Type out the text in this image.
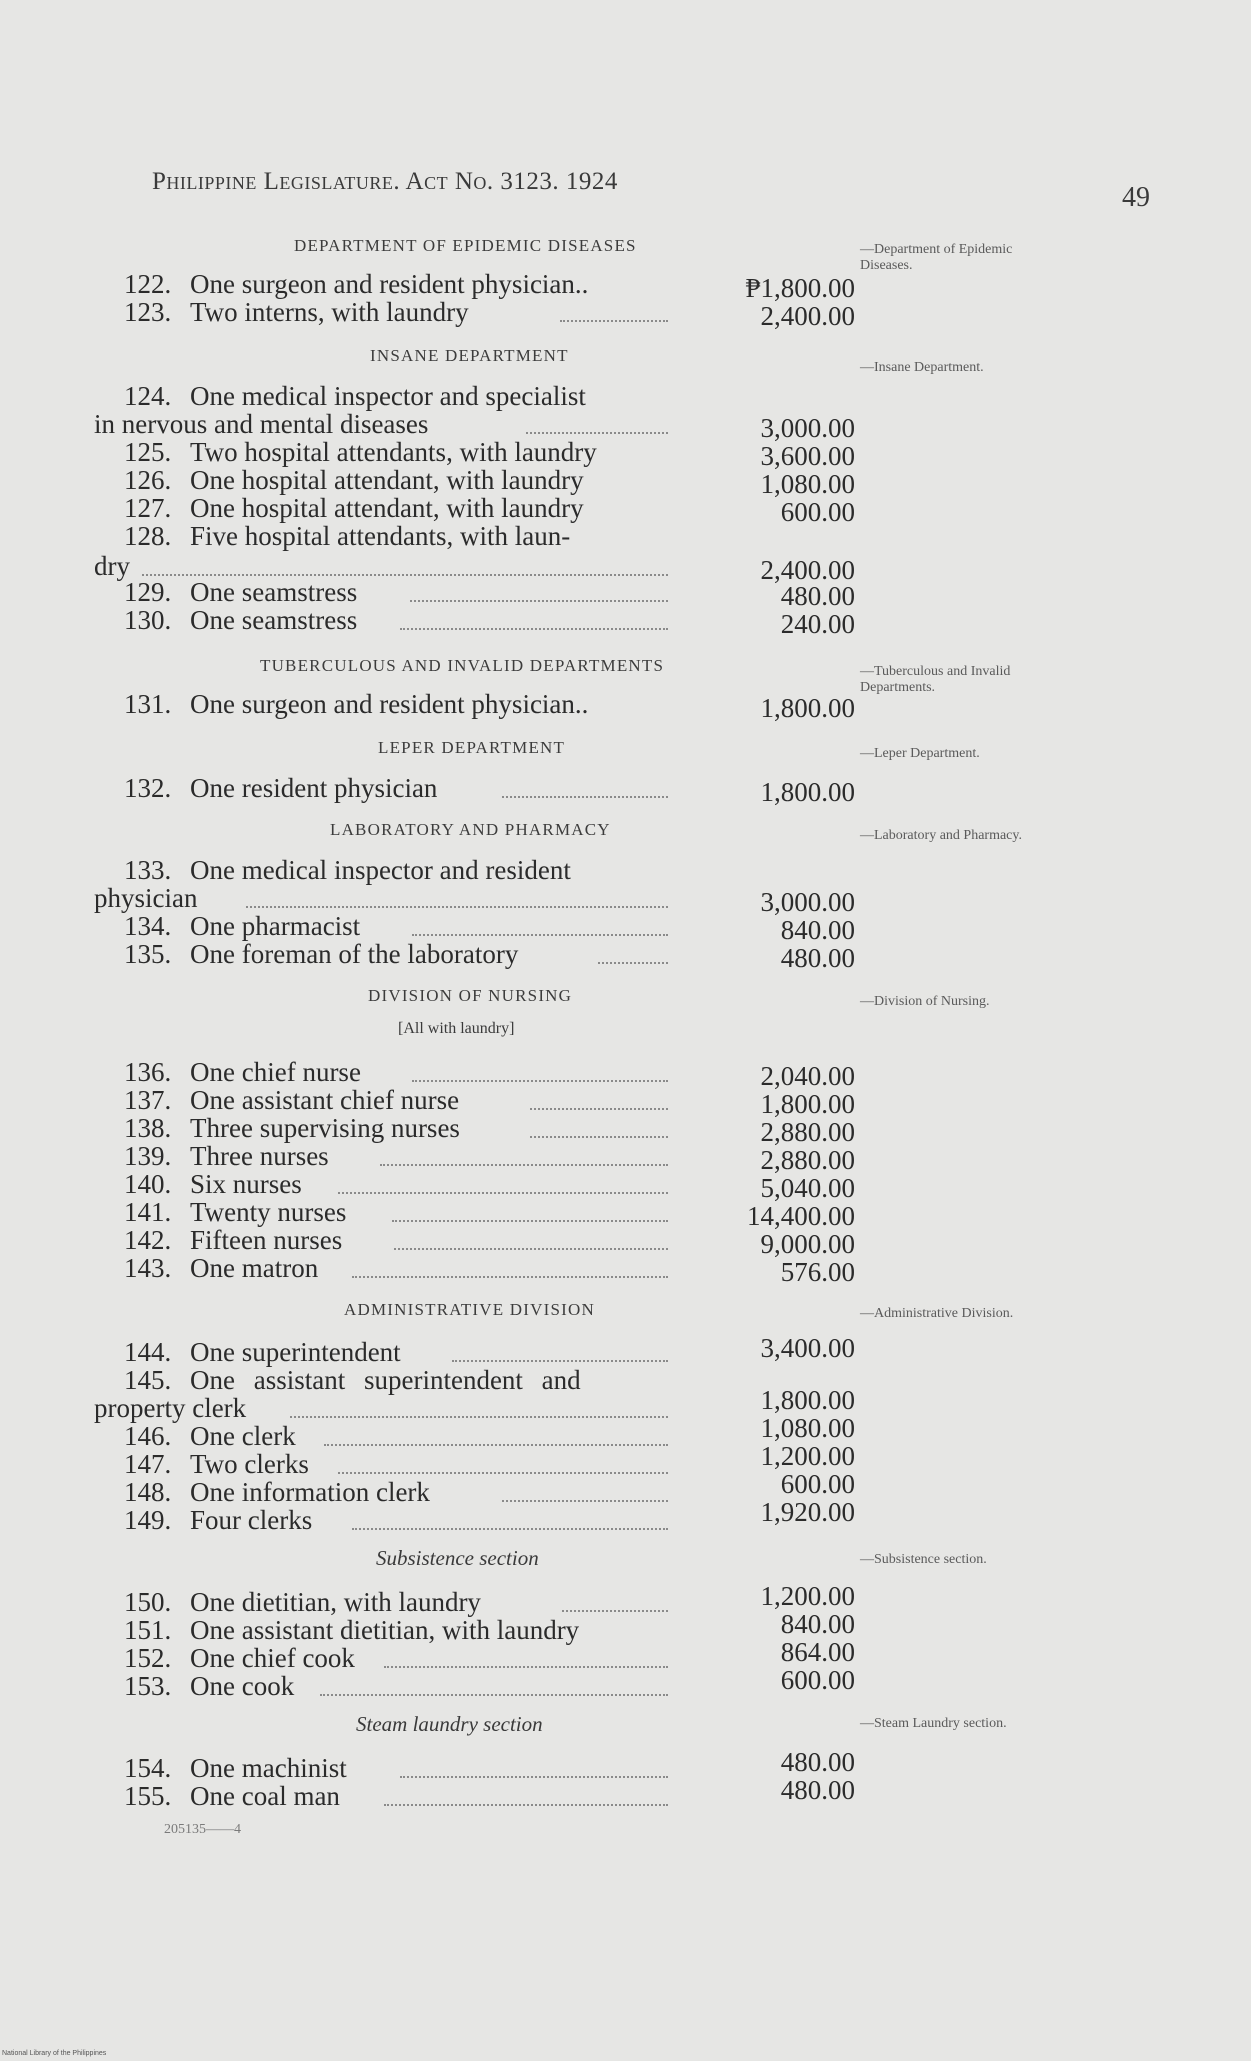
Philippine Legislature. Act No. 3123. 1924
49
DEPARTMENT OF EPIDEMIC DISEASES	—Department of Epidemic Diseases.
122. One surgeon and resident physician..	₱1,800.00
123. Two interns, with laundry	2,400.00
INSANE DEPARTMENT
—Insane Department.
124. One medical inspector and specialist
in nervous and mental diseases	3,000.00
125. Two hospital attendants, with laundry	3,600.00
126. One hospital attendant, with laundry	1,080.00
127. One hospital attendant, with laundry	600.00
128. Five hospital attendants, with laun-
dry	2,400.00
129. One seamstress	480.00
130. One seamstress	240.00
TUBERCULOUS AND INVALID DEPARTMENTS	—Tuberculous and Invalid Departments.
131. One surgeon and resident physician..	1,800.00
LEPER DEPARTMENT	—Leper Department.
132. One resident physician	1,800.00
LABORATORY AND PHARMACY	—Laboratory and Pharmacy.
133. One medical inspector and resident
physician	3,000.00
134. One pharmacist	840.00
135. One foreman of the laboratory	480.00
DIVISION OF NURSING	—Division of Nursing.
[All with laundry]
136. One chief nurse	2,040.00
137. One assistant chief nurse	1,800.00
138. Three supervising nurses	2,880.00
139. Three nurses	2,880.00
140. Six nurses	5,040.00
141. Twenty nurses	14,400.00
142. Fifteen nurses	9,000.00
143. One matron	576.00
ADMINISTRATIVE DIVISION	—Administrative Division.
144. One superintendent	3,400.00
145. One assistant superintendent and
property clerk	1,800.00
146. One clerk	1,080.00
147. Two clerks	1,200.00
148. One information clerk	600.00
149. Four clerks	1,920.00
Subsistence section	—Subsistence section.
150. One dietitian, with laundry	1,200.00
151. One assistant dietitian, with laundry	840.00
152. One chief cook	864.00
153. One cook	600.00
Steam laundry section	—Steam Laundry section.
154. One machinist	480.00
155. One coal man	480.00
205135——4
National Library of the Philippines
